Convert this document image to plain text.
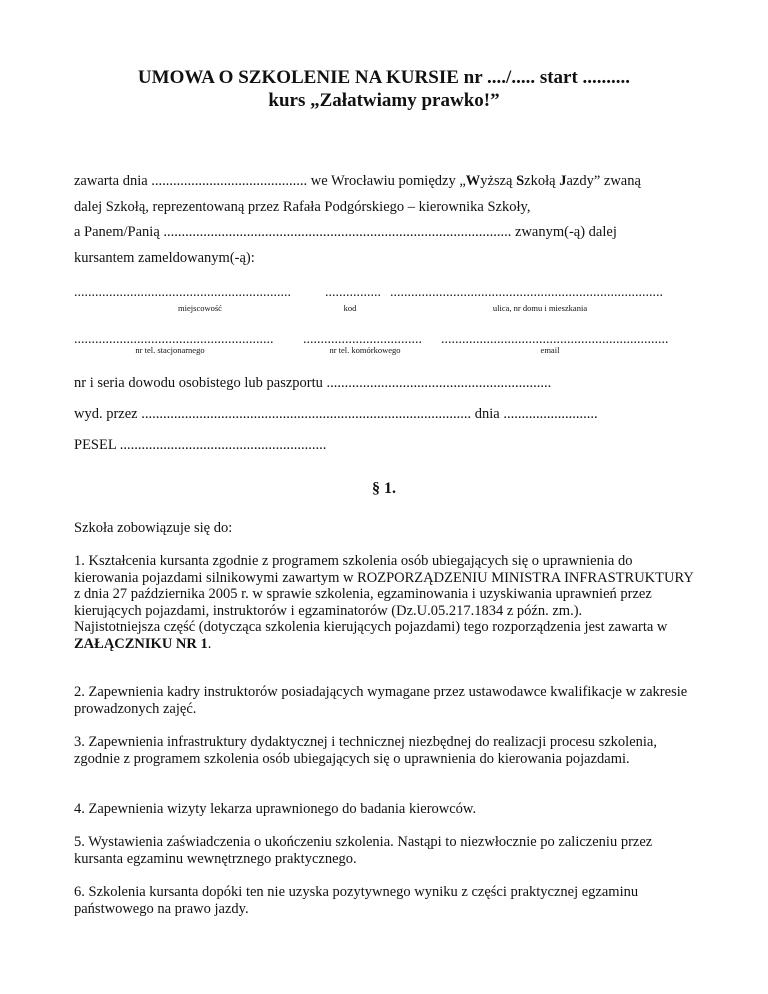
UMOWA O SZKOLENIE NA KURSIE nr ..../..... start ..........
kurs „Załatwiamy prawko!”
zawarta dnia ........................................... we Wrocławiu pomiędzy „Wyższą Szkołą Jazdy” zwaną
dalej Szkołą, reprezentowaną przez Rafała Podgórskiego – kierownika Szkoły,
a Panem/Panią ................................................................................................ zwanym(-ą) dalej
kursantem zameldowanym(-ą):
..............................................................	................ ..............................................................................
miejscowość	kod	ulica, nr domu i mieszkania
.........................................................	..................................	.................................................................
nr tel. stacjonarnego	nr tel. komórkowego	email
nr i seria dowodu osobistego lub paszportu ..............................................................
wyd. przez ........................................................................................... dnia ..........................
PESEL .........................................................
§ 1.
Szkoła zobowiązuje się do:
1. Kształcenia kursanta zgodnie z programem szkolenia osób ubiegających się o uprawnienia do kierowania pojazdami silnikowymi zawartym w ROZPORZĄDZENIU MINISTRA INFRASTRUKTURY z dnia 27 października 2005 r. w sprawie szkolenia, egzaminowania i uzyskiwania uprawnień przez kierujących pojazdami, instruktorów i egzaminatorów (Dz.U.05.217.1834 z późn. zm.).
Najistotniejsza część (dotycząca szkolenia kierujących pojazdami) tego rozporządzenia jest zawarta w ZAŁĄCZNIKU NR 1.
2. Zapewnienia kadry instruktorów posiadających wymagane przez ustawodawce kwalifikacje w zakresie prowadzonych zajęć.
3. Zapewnienia infrastruktury dydaktycznej i technicznej niezbędnej do realizacji procesu szkolenia, zgodnie z programem szkolenia osób ubiegających się o uprawnienia do kierowania pojazdami.
4. Zapewnienia wizyty lekarza uprawnionego do badania kierowców.
5. Wystawienia zaświadczenia o ukończeniu szkolenia. Nastąpi to niezwłocznie po zaliczeniu przez kursanta egzaminu wewnętrznego praktycznego.
6. Szkolenia kursanta dopóki ten nie uzyska pozytywnego wyniku z części praktycznej egzaminu państwowego na prawo jazdy.
